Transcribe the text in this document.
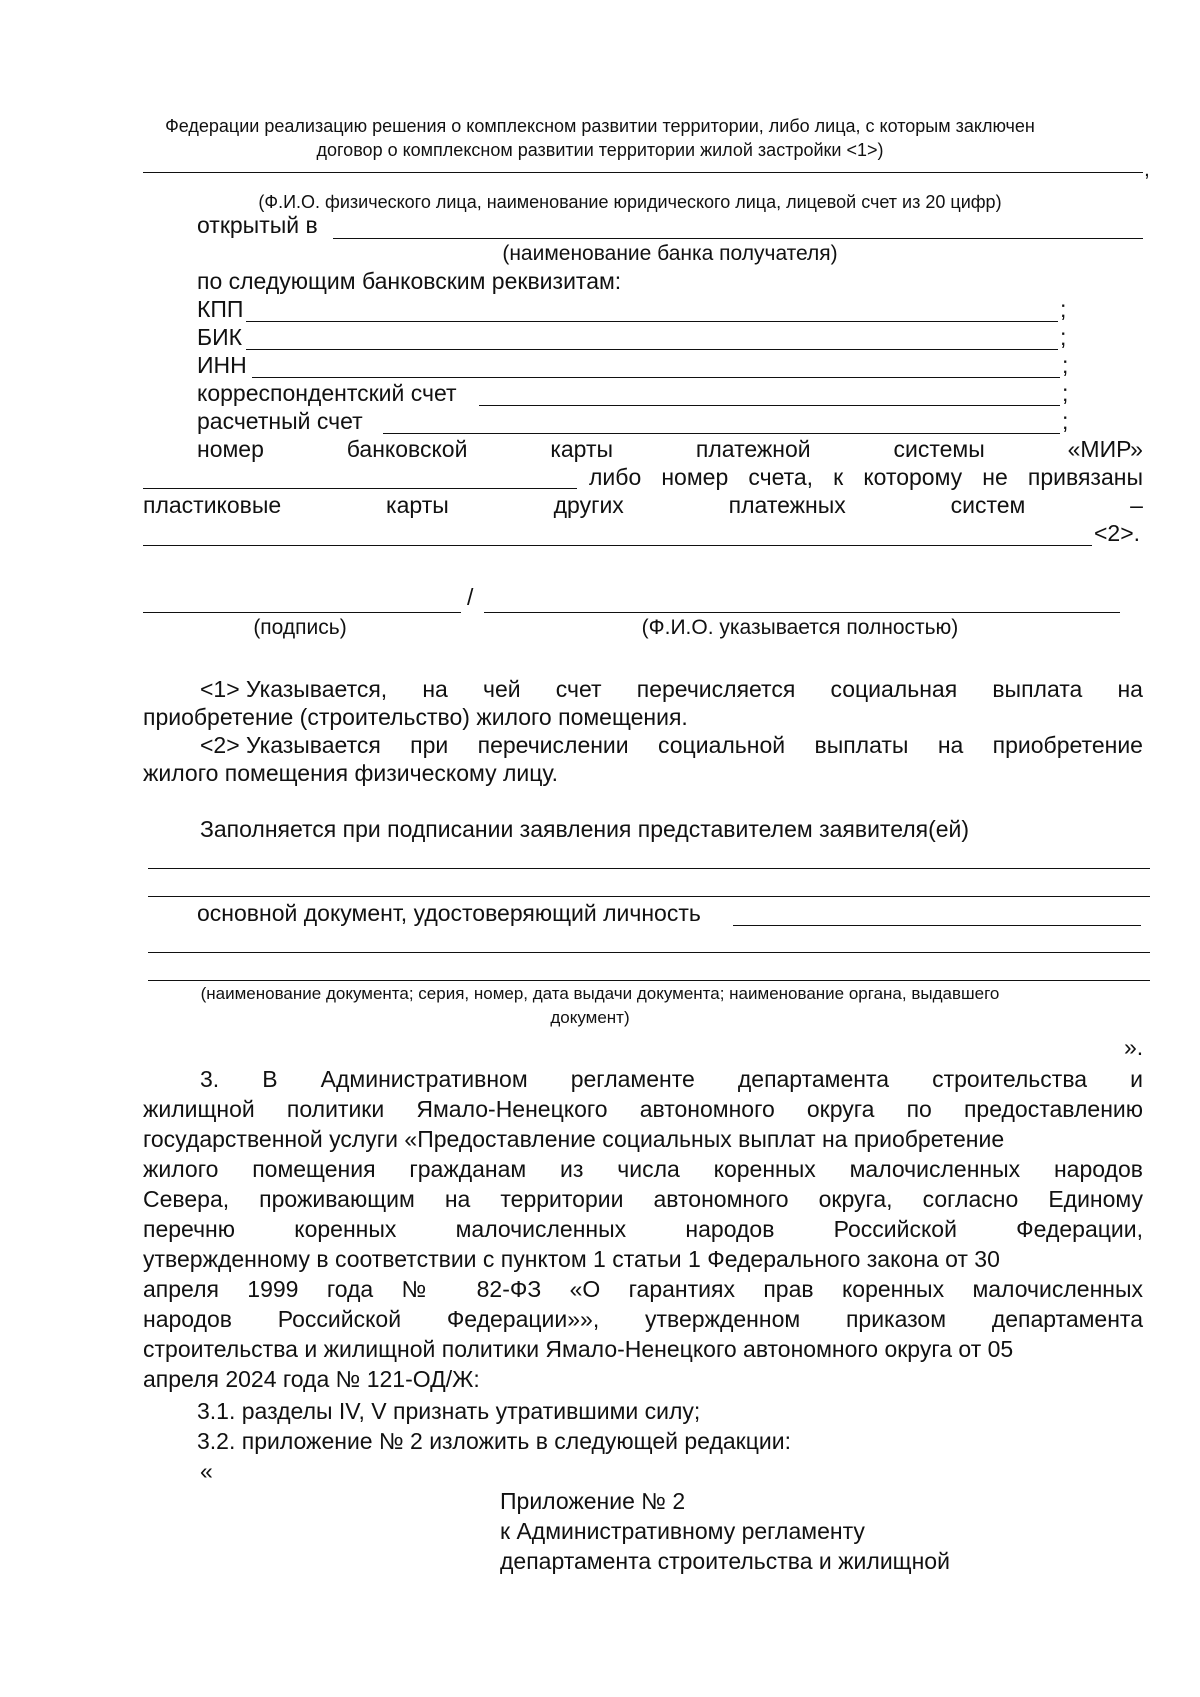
Федерации реализацию решения о комплексном развитии территории, либо лица, с которым заключен
договор о комплексном развитии территории жилой застройки <1>)
,
(Ф.И.О. физического лица, наименование юридического лица, лицевой счет из 20 цифр)
открытый в
(наименование банка получателя)
по следующим банковским реквизитам:
КПП	;
БИК	;
ИНН	;
корреспондентский счет	;
расчетный счет	;
номер	банковской	карты	платежной	системы	«МИР»
либо номер счета, к которому не привязаны
пластиковые	карты	других	платежных	систем	–
<2>.
/
(подпись)	(Ф.И.О. указывается полностью)
<1> Указывается, на чей счет перечисляется социальная выплата на
приобретение (строительство) жилого помещения.
<2> Указывается при перечислении социальной выплаты на приобретение
жилого помещения физическому лицу.
Заполняется при подписании заявления представителем заявителя(ей)
основной документ, удостоверяющий личность
(наименование документа; серия, номер, дата выдачи документа; наименование органа, выдавшего
документ)
».
3. В Административном регламенте департамента строительства и
жилищной политики Ямало-Ненецкого автономного округа по предоставлению
государственной услуги «Предоставление социальных выплат на приобретение
жилого помещения гражданам из числа коренных малочисленных народов
Севера, проживающим на территории автономного округа, согласно Единому
перечню коренных малочисленных народов Российской Федерации,
утвержденному в соответствии с пунктом 1 статьи 1 Федерального закона от 30
апреля 1999 года № 82-ФЗ «О гарантиях прав коренных малочисленных
народов Российской Федерации»», утвержденном приказом департамента
строительства и жилищной политики Ямало-Ненецкого автономного округа от 05
апреля 2024 года № 121-ОД/Ж:
3.1. разделы IV, V признать утратившими силу;
3.2. приложение № 2 изложить в следующей редакции:
«
Приложение № 2
к Административному регламенту
департамента строительства и жилищной
